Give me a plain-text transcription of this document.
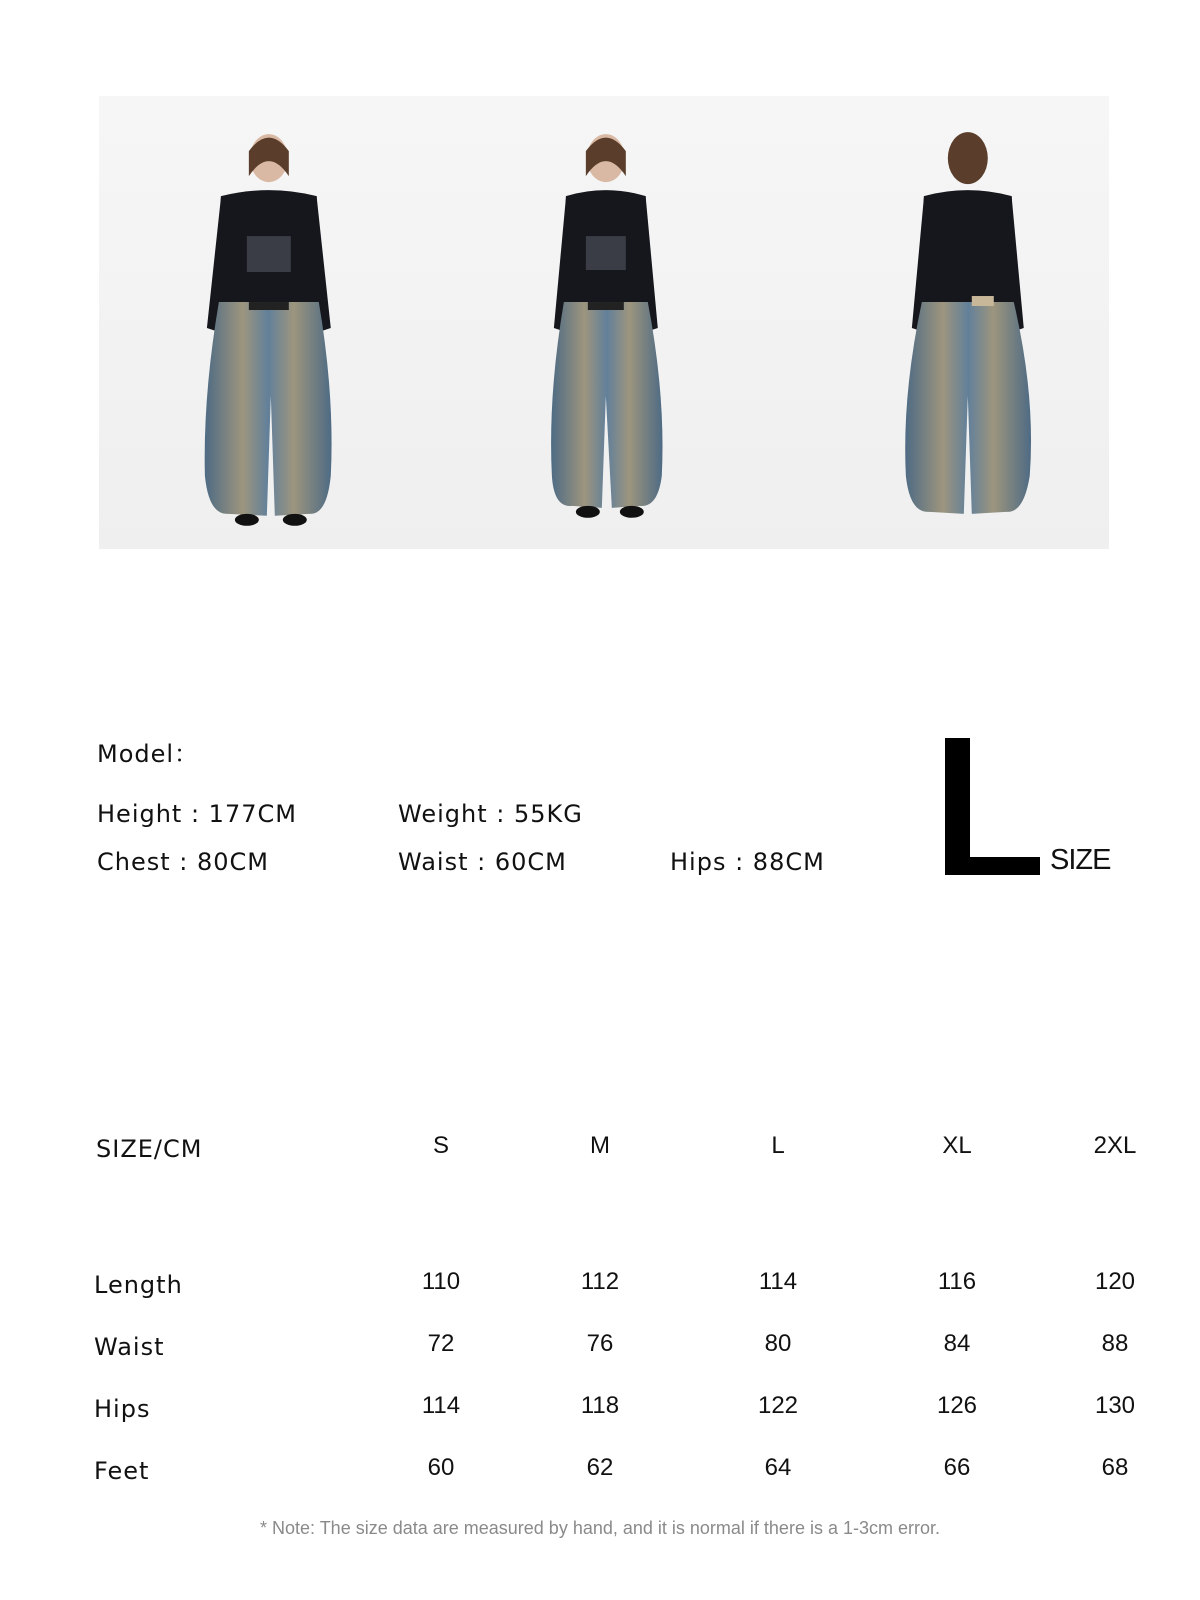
Model：
Height : 177CM	Weight : 55KG
Chest : 80CM	Waist : 60CM	Hips : 88CM	SIZE
SIZE/CM	S	M	L	XL	2XL
Length	110	112	114	116	120
Waist	72	76	80	84	88
Hips	114	118	122	126	130
Feet	60	62	64	66	68
* Note: The size data are measured by hand, and it is normal if there is a 1-3cm error.
